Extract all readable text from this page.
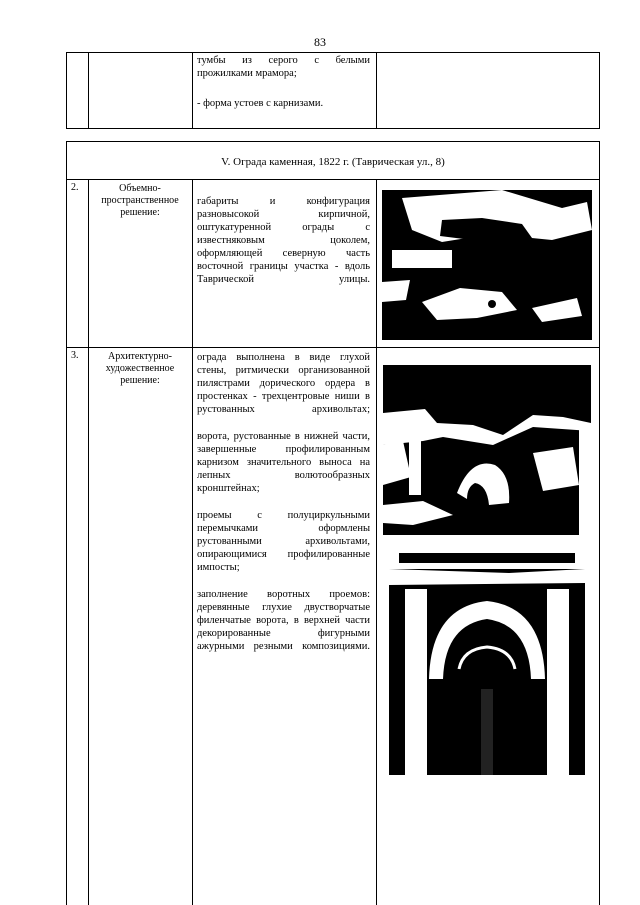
83
тумбы из серого с белыми
прожилками мрамора;
- форма устоев с карнизами.
V. Ограда каменная, 1822 г. (Таврическая ул., 8)
2.	Объемно-пространственное решение:

габариты и конфигурация разновысокой кирпичной, оштукатуренной ограды с известняковым цоколем, оформляющей северную часть восточной границы участка - вдоль Таврической улицы.

3.	Архитектурно-художественное решение:

ограда выполнена в виде глухой стены, ритмически организованной пилястрами дорического ордера в простенках - трехцентровые ниши в рустованных архивольтах;

ворота, рустованные в нижней части, завершенные профилированным карнизом значительного выноса на лепных волютообразных кронштейнах;

проемы с полуциркульными перемычками оформлены рустованными архивольтами, опирающимися профилированные импосты;

заполнение воротных проемов: деревянные глухие двустворчатые филенчатые ворота, в верхней части декорированные фигурными ажурными резными композициями.
